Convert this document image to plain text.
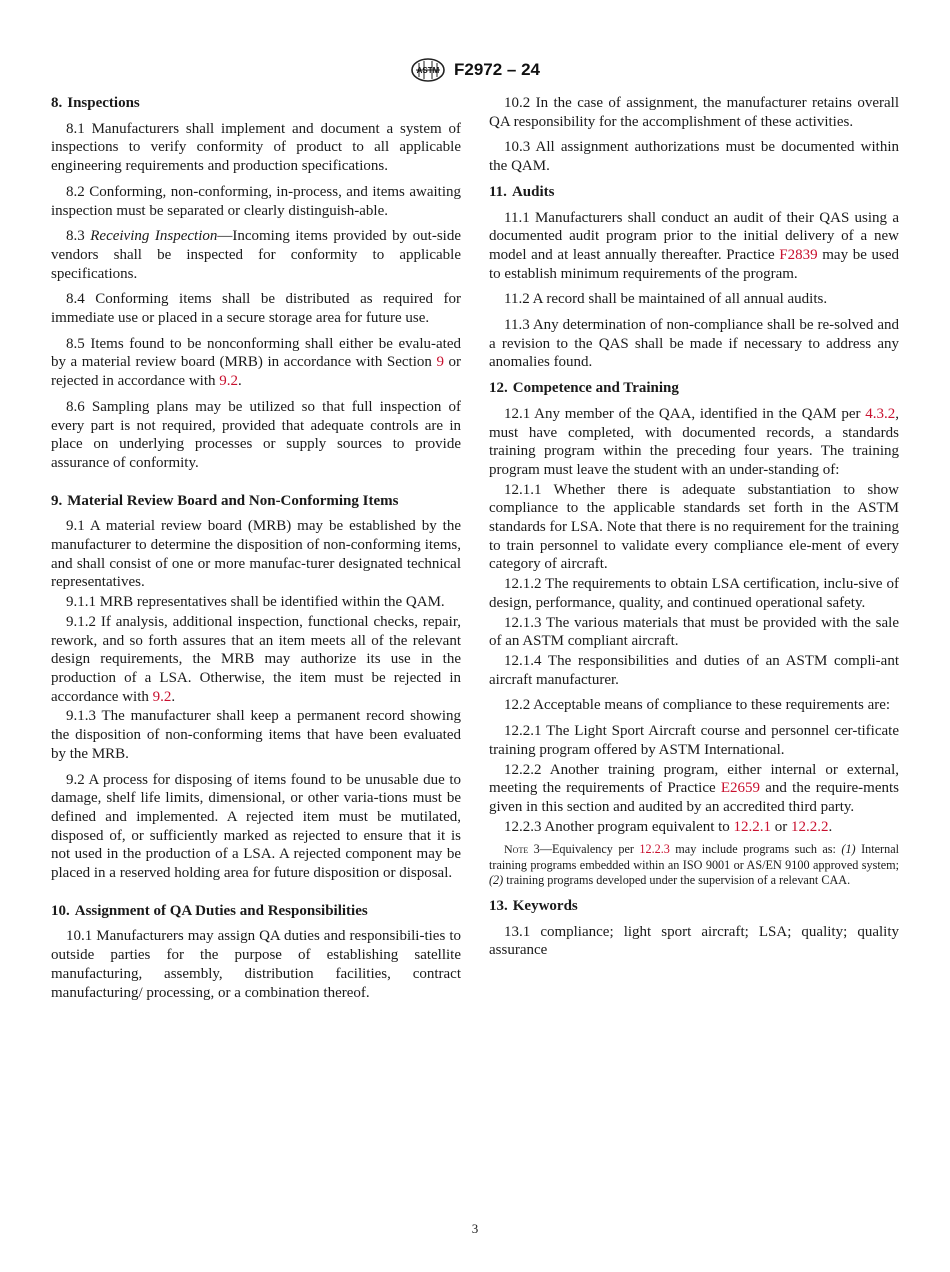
ASTM F2972 – 24
8. Inspections

8.1 Manufacturers shall implement and document a system of inspections to verify conformity of product to all applicable engineering requirements and production specifications.

8.2 Conforming, non-conforming, in-process, and items awaiting inspection must be separated or clearly distinguish-able.

8.3 Receiving Inspection—Incoming items provided by out-side vendors shall be inspected for conformity to applicable specifications.

8.4 Conforming items shall be distributed as required for immediate use or placed in a secure storage area for future use.

8.5 Items found to be nonconforming shall either be evalu-ated by a material review board (MRB) in accordance with Section 9 or rejected in accordance with 9.2.

8.6 Sampling plans may be utilized so that full inspection of every part is not required, provided that adequate controls are in place on underlying processes or supply sources to provide assurance of conformity.

9. Material Review Board and Non-Conforming Items

9.1 A material review board (MRB) may be established by the manufacturer to determine the disposition of non-conforming items, and shall consist of one or more manufac-turer designated technical representatives.

9.1.1 MRB representatives shall be identified within the QAM.

9.1.2 If analysis, additional inspection, functional checks, repair, rework, and so forth assures that an item meets all of the relevant design requirements, the MRB may authorize its use in the production of a LSA. Otherwise, the item must be rejected in accordance with 9.2.

9.1.3 The manufacturer shall keep a permanent record showing the disposition of non-conforming items that have been evaluated by the MRB.

9.2 A process for disposing of items found to be unusable due to damage, shelf life limits, dimensional, or other varia-tions must be defined and implemented. A rejected item must be mutilated, disposed of, or sufficiently marked as rejected to ensure that it is not used in the production of a LSA. A rejected component may be placed in a reserved holding area for future disposition or disposal.

10. Assignment of QA Duties and Responsibilities

10.1 Manufacturers may assign QA duties and responsibili-ties to outside parties for the purpose of establishing satellite manufacturing, assembly, distribution facilities, contract manufacturing/ processing, or a combination thereof.

10.2 In the case of assignment, the manufacturer retains overall QA responsibility for the accomplishment of these activities.

10.3 All assignment authorizations must be documented within the QAM.

11. Audits

11.1 Manufacturers shall conduct an audit of their QAS using a documented audit program prior to the initial delivery of a new model and at least annually thereafter. Practice F2839 may be used to establish minimum requirements of the program.

11.2 A record shall be maintained of all annual audits.

11.3 Any determination of non-compliance shall be re-solved and a revision to the QAS shall be made if necessary to address any anomalies found.

12. Competence and Training

12.1 Any member of the QAA, identified in the QAM per 4.3.2, must have completed, with documented records, a standards training program within the preceding four years. The training program must leave the student with an under-standing of:

12.1.1 Whether there is adequate substantiation to show compliance to the applicable standards set forth in the ASTM standards for LSA. Note that there is no requirement for the training to train personnel to validate every compliance ele-ment of every category of aircraft.

12.1.2 The requirements to obtain LSA certification, inclu-sive of design, performance, quality, and continued operational safety.

12.1.3 The various materials that must be provided with the sale of an ASTM compliant aircraft.

12.1.4 The responsibilities and duties of an ASTM compli-ant aircraft manufacturer.

12.2 Acceptable means of compliance to these requirements are:

12.2.1 The Light Sport Aircraft course and personnel cer-tificate training program offered by ASTM International.

12.2.2 Another training program, either internal or external, meeting the requirements of Practice E2659 and the require-ments given in this section and audited by an accredited third party.

12.2.3 Another program equivalent to 12.2.1 or 12.2.2.

Note 3—Equivalency per 12.2.3 may include programs such as: (1) Internal training programs embedded within an ISO 9001 or AS/EN 9100 approved system; (2) training programs developed under the supervision of a relevant CAA.

13. Keywords

13.1 compliance; light sport aircraft; LSA; quality; quality assurance

3
